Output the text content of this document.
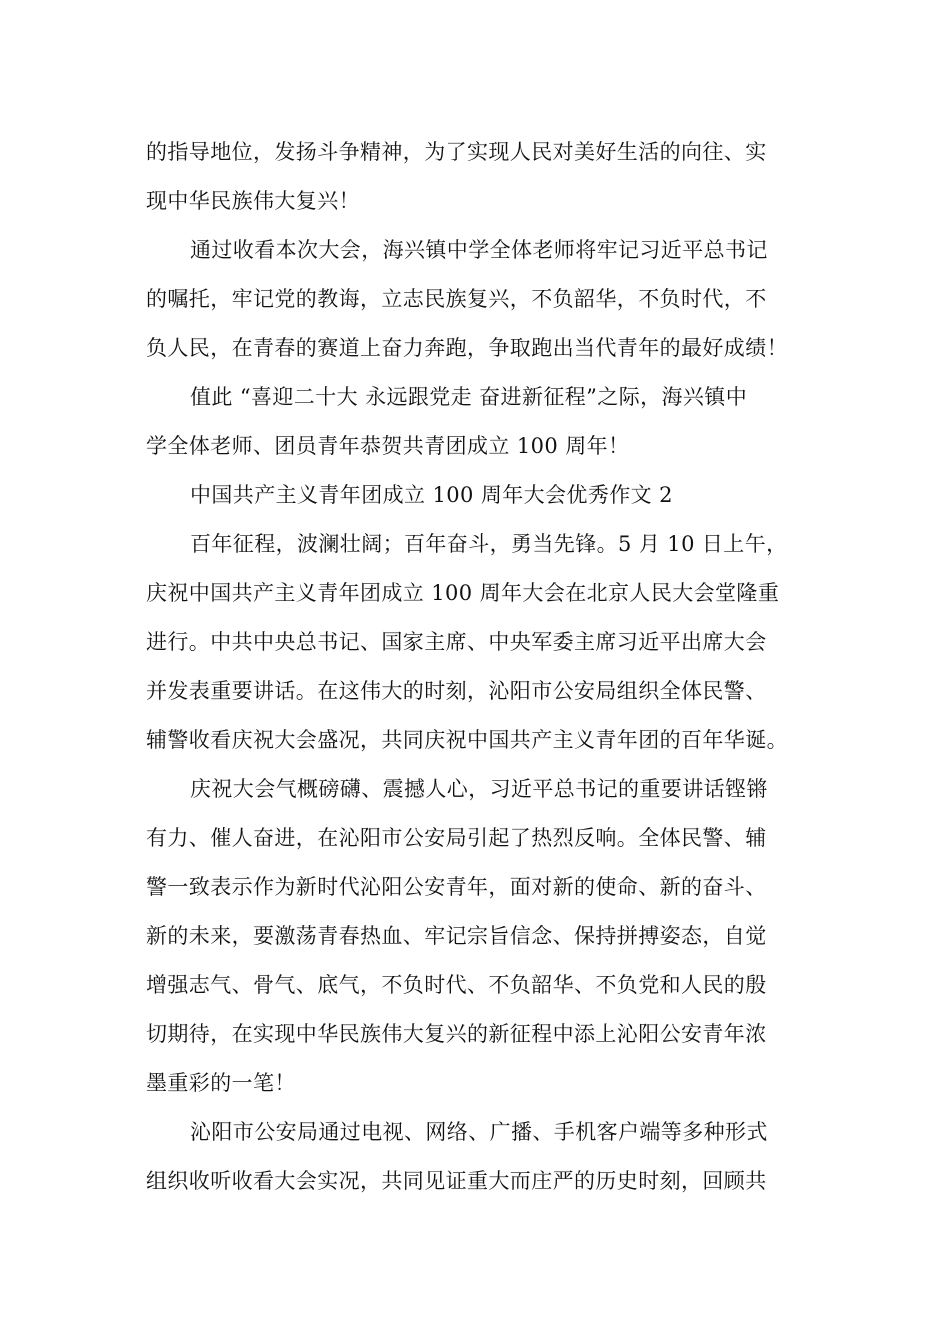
的指导地位，发扬斗争精神，为了实现人民对美好生活的向往、实
现中华民族伟大复兴！

通过收看本次大会，海兴镇中学全体老师将牢记习近平总书记
的嘱托，牢记党的教诲，立志民族复兴，不负韶华，不负时代，不
负人民，在青春的赛道上奋力奔跑，争取跑出当代青年的最好成绩！

值此 “喜迎二十大 永远跟党走 奋进新征程”之际，海兴镇中
学全体老师、团员青年恭贺共青团成立 100 周年！

中国共产主义青年团成立 100 周年大会优秀作文 2

百年征程，波澜壮阔；百年奋斗，勇当先锋。5 月 10 日上午，
庆祝中国共产主义青年团成立 100 周年大会在北京人民大会堂隆重
进行。中共中央总书记、国家主席、中央军委主席习近平出席大会
并发表重要讲话。在这伟大的时刻，沁阳市公安局组织全体民警、
辅警收看庆祝大会盛况，共同庆祝中国共产主义青年团的百年华诞。

庆祝大会气概磅礴、震撼人心，习近平总书记的重要讲话铿锵
有力、催人奋进，在沁阳市公安局引起了热烈反响。全体民警、辅
警一致表示作为新时代沁阳公安青年，面对新的使命、新的奋斗、
新的未来，要激荡青春热血、牢记宗旨信念、保持拼搏姿态，自觉
增强志气、骨气、底气，不负时代、不负韶华、不负党和人民的殷
切期待，在实现中华民族伟大复兴的新征程中添上沁阳公安青年浓
墨重彩的一笔！

沁阳市公安局通过电视、网络、广播、手机客户端等多种形式
组织收听收看大会实况，共同见证重大而庄严的历史时刻，回顾共
